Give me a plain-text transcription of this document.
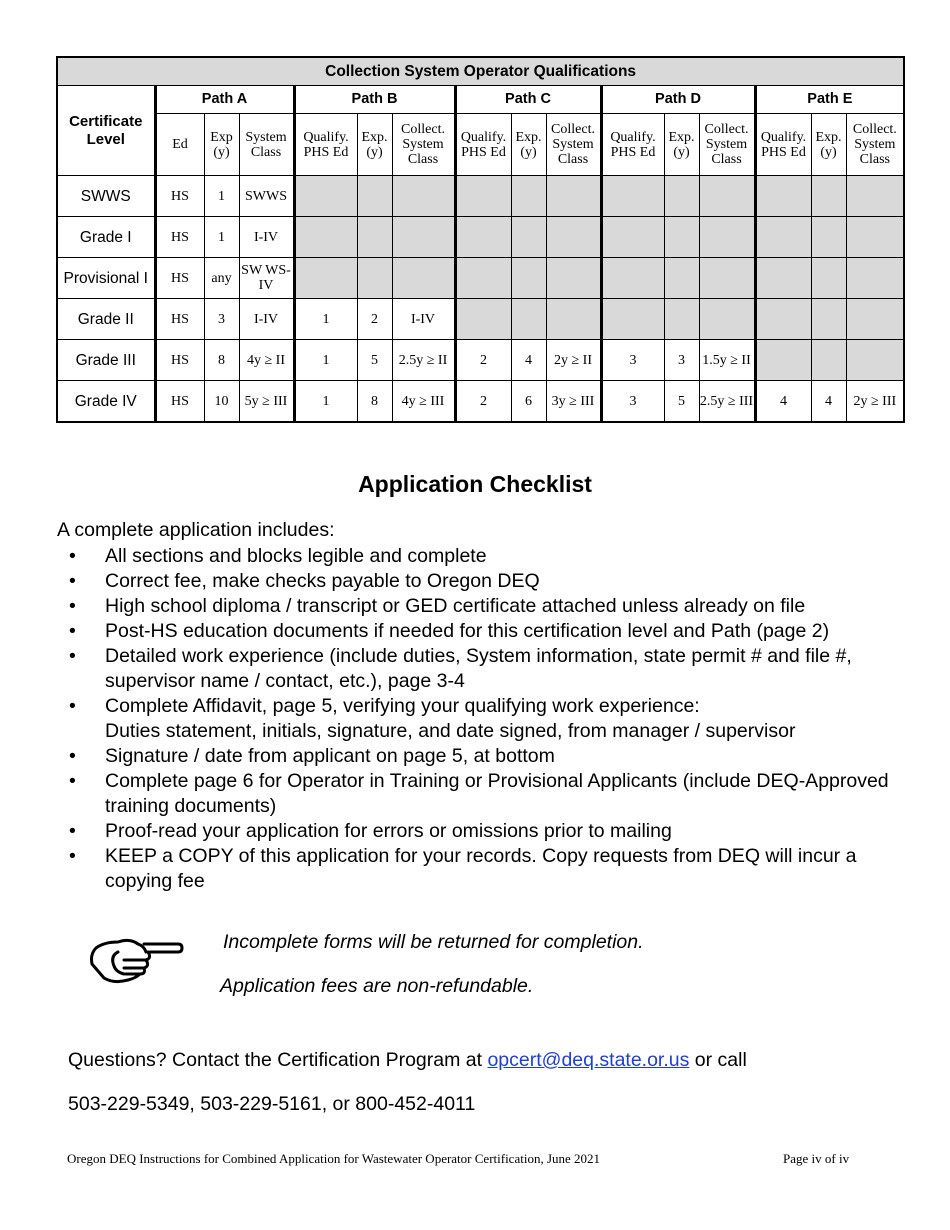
Collection System Operator Qualifications															
Certificate Level	Path A			Path B			Path C			Path D			Path E		
	Ed	Exp (y)	System Class	Qualify. PHS Ed	Exp. (y)	Collect. System Class	Qualify. PHS Ed	Exp. (y)	Collect. System Class	Qualify. PHS Ed	Exp. (y)	Collect. System Class	Qualify. PHS Ed	Exp. (y)	Collect. System Class
SWWS	HS	1	SWWS												
Grade I	HS	1	I-IV												
Provisional I	HS	any	SW WS-IV												
Grade II	HS	3	I-IV	1	2	I-IV									
Grade III	HS	8	4y ≥ II	1	5	2.5y ≥ II	2	4	2y ≥ II	3	3	1.5y ≥ II			
Grade IV	HS	10	5y ≥ III	1	8	4y ≥ III	2	6	3y ≥ III	3	5	2.5y ≥ III	4	4	2y ≥ III
Application Checklist
A complete application includes:
• All sections and blocks legible and complete
• Correct fee, make checks payable to Oregon DEQ
• High school diploma / transcript or GED certificate attached unless already on file
• Post-HS education documents if needed for this certification level and Path (page 2)
• Detailed work experience (include duties, System information, state permit # and file #, supervisor name / contact, etc.), page 3-4
• Complete Affidavit, page 5, verifying your qualifying work experience:
Duties statement, initials, signature, and date signed, from manager / supervisor
• Signature / date from applicant on page 5, at bottom
• Complete page 6 for Operator in Training or Provisional Applicants (include DEQ-Approved training documents)
• Proof-read your application for errors or omissions prior to mailing
• KEEP a COPY of this application for your records. Copy requests from DEQ will incur a copying fee
Incomplete forms will be returned for completion.
Application fees are non-refundable.
Questions? Contact the Certification Program at opcert@deq.state.or.us or call
503-229-5349, 503-229-5161, or 800-452-4011
Oregon DEQ Instructions for Combined Application for Wastewater Operator Certification, June 2021	Page iv of iv
